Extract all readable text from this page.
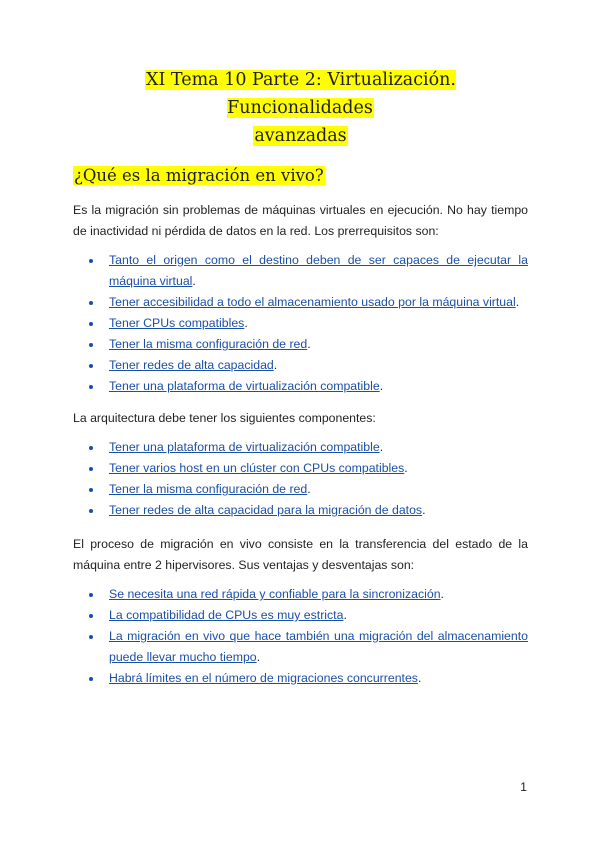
XI Tema 10 Parte 2: Virtualización. Funcionalidades
avanzadas
¿Qué es la migración en vivo?

Es la migración sin problemas de máquinas virtuales en ejecución. No hay tiempo de inactividad ni pérdida de datos en la red. Los prerrequisitos son:

Tanto el origen como el destino deben de ser capaces de ejecutar la máquina virtual.
Tener accesibilidad a todo el almacenamiento usado por la máquina virtual.
Tener CPUs compatibles.
Tener la misma configuración de red.
Tener redes de alta capacidad.
Tener una plataforma de virtualización compatible.

La arquitectura debe tener los siguientes componentes:

Tener una plataforma de virtualización compatible.
Tener varios host en un clúster con CPUs compatibles.
Tener la misma configuración de red.
Tener redes de alta capacidad para la migración de datos.

El proceso de migración en vivo consiste en la transferencia del estado de la máquina entre 2 hipervisores. Sus ventajas y desventajas son:

Se necesita una red rápida y confiable para la sincronización.
La compatibilidad de CPUs es muy estricta.
La migración en vivo que hace también una migración del almacenamiento puede llevar mucho tiempo.
Habrá límites en el número de migraciones concurrentes.
1
